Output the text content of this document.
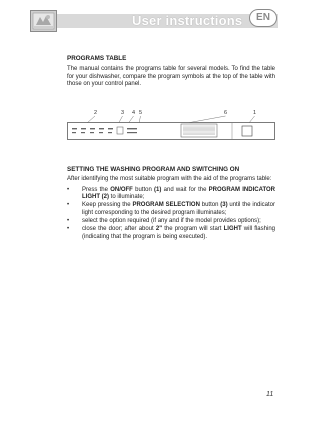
User instructions	EN
PROGRAMS TABLE
The manual contains the programs table for several models. To find the table for your dishwasher, compare the program symbols at the top of the table with those on your control panel.
2	3 4 5	6	1
SETTING THE WASHING PROGRAM AND SWITCHING ON
After identifying the most suitable program with the aid of the programs table:
• Press the ON/OFF button (1) and wait for the PROGRAM INDICATOR LIGHT (2) to illuminate;
• Keep pressing the PROGRAM SELECTION button (3) until the indicator light corresponding to the desired program illuminates;
• select the option required (if any and if the model provides options);
• close the door; after about 2" the program will start LIGHT will flashing (indicating that the program is being executed).
11
